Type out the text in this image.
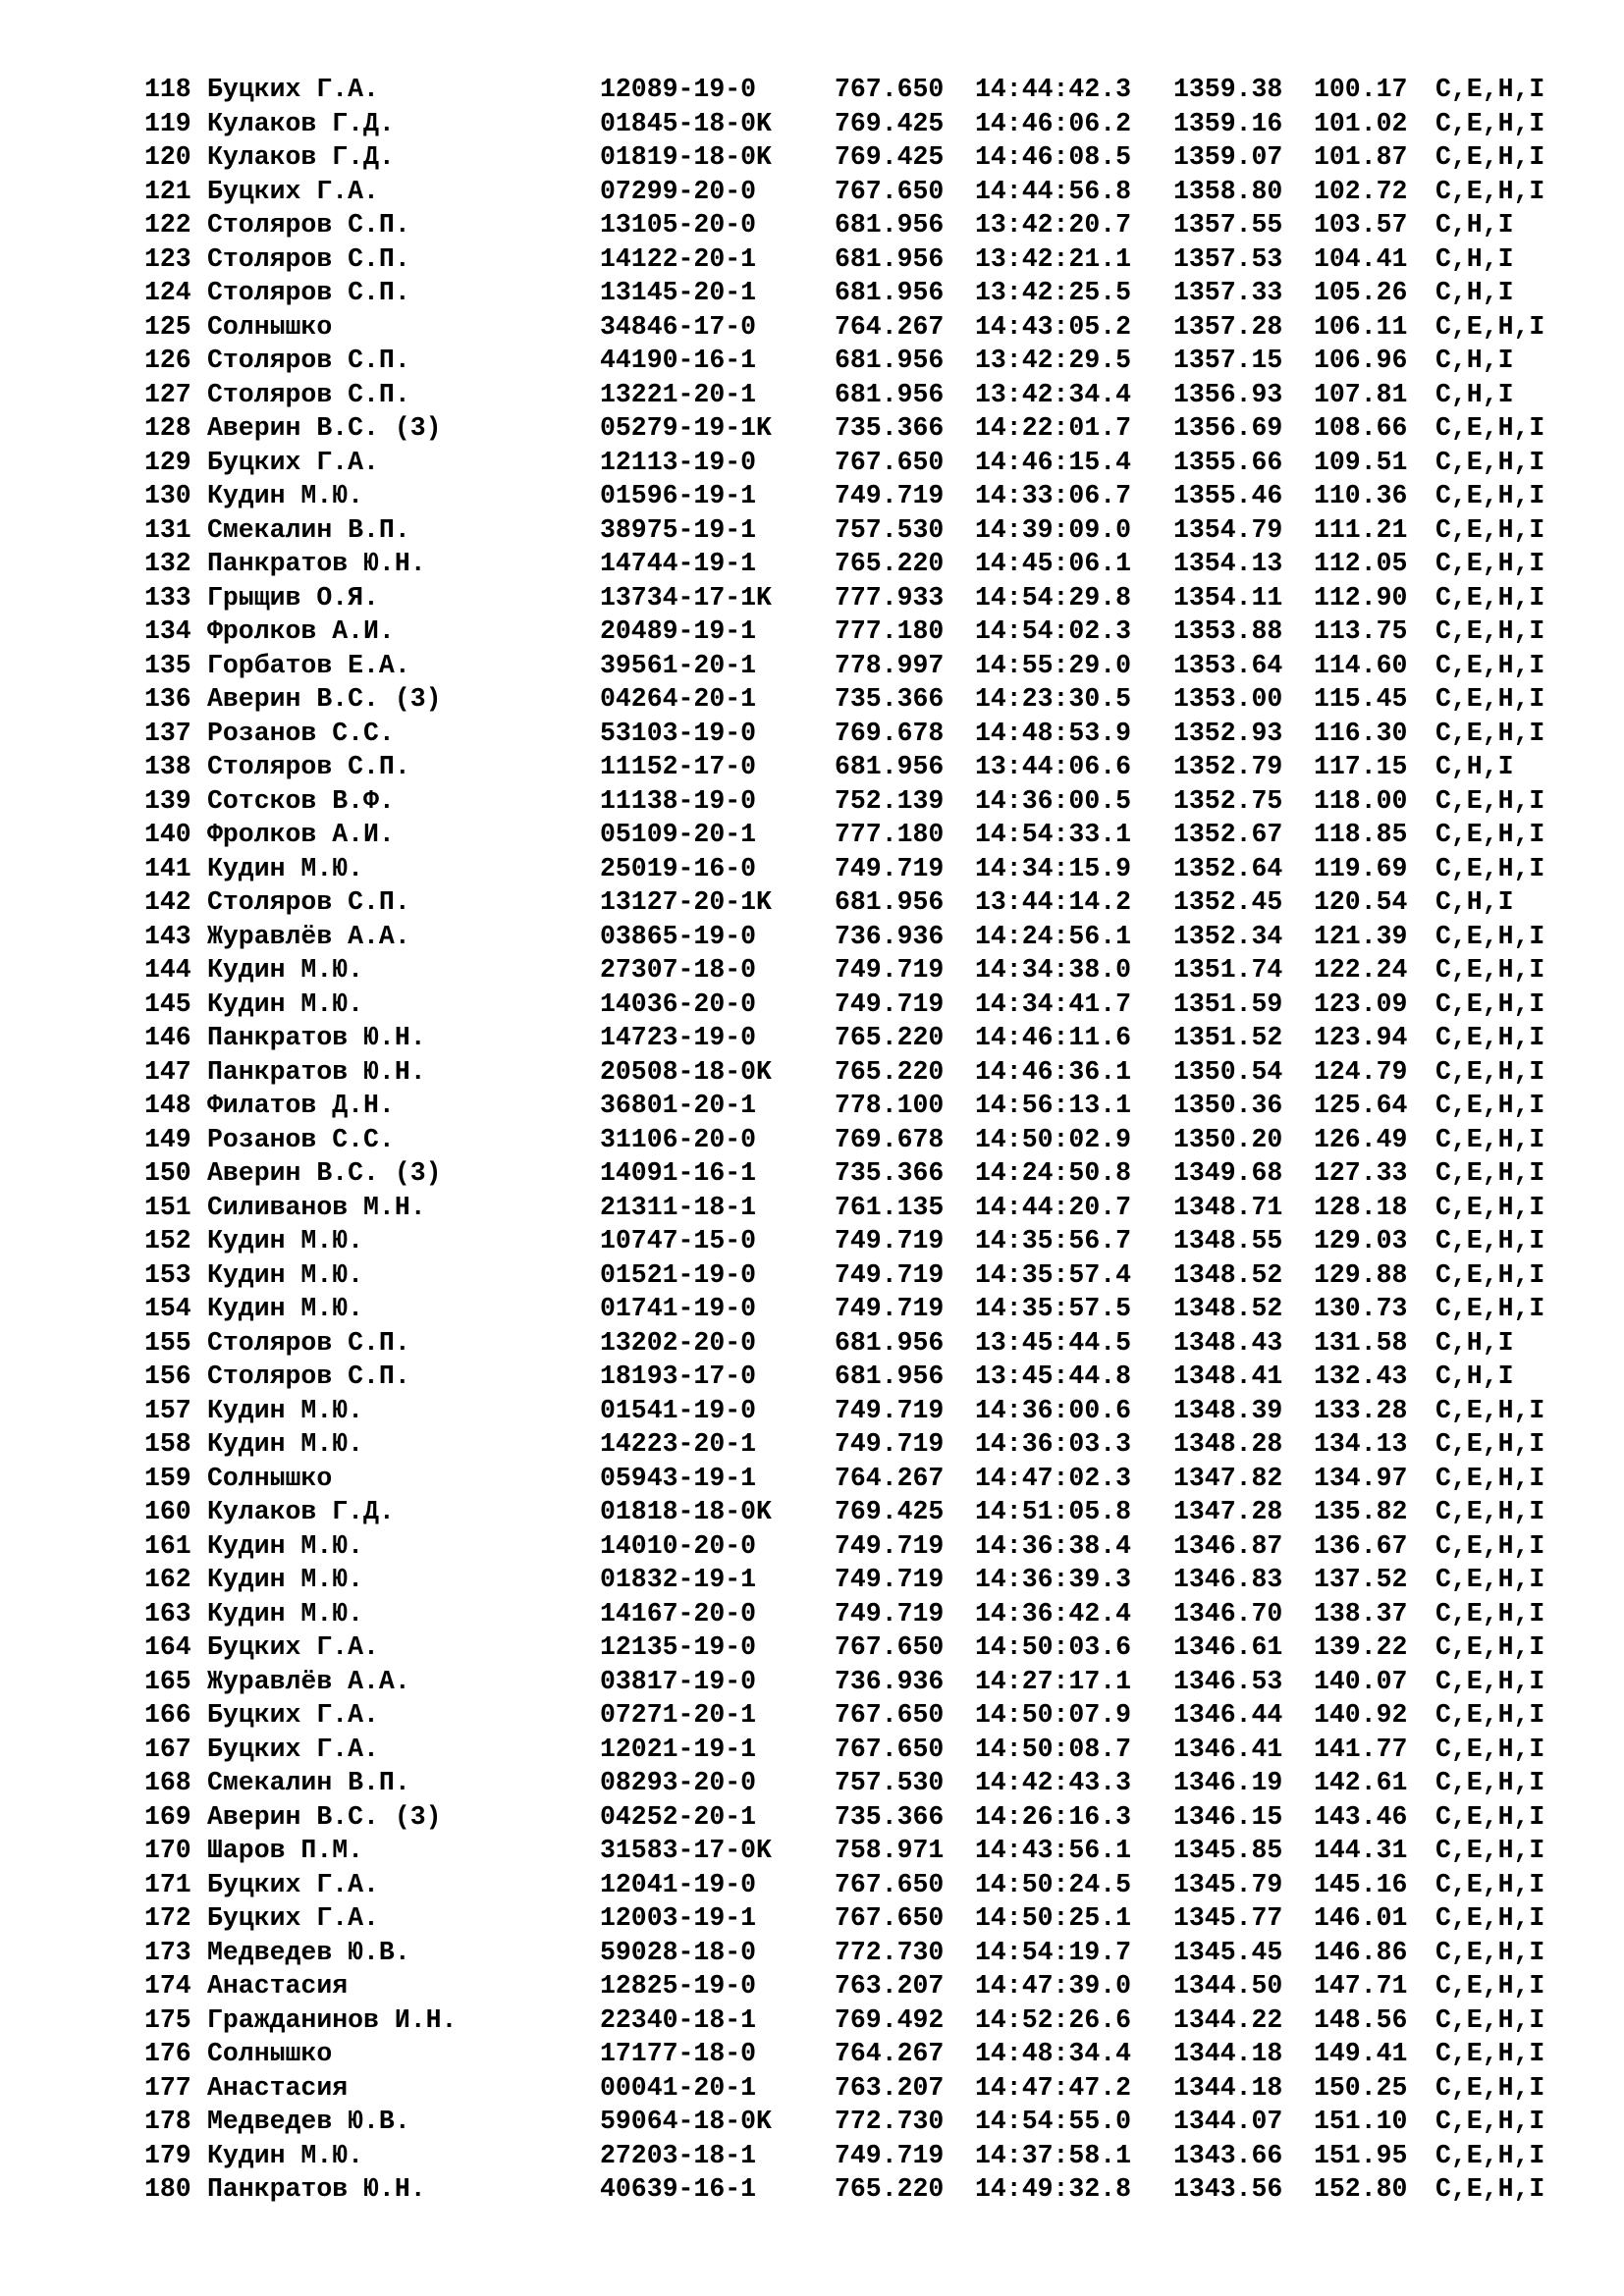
118 Буцких Г.А.	12089-19-0	767.650	14:44:42.3	1359.38	100.17	C,E,H,I
119 Кулаков Г.Д.	01845-18-0K	769.425	14:46:06.2	1359.16	101.02	C,E,H,I
120 Кулаков Г.Д.	01819-18-0K	769.425	14:46:08.5	1359.07	101.87	C,E,H,I
121 Буцких Г.А.	07299-20-0	767.650	14:44:56.8	1358.80	102.72	C,E,H,I
122 Столяров С.П.	13105-20-0	681.956	13:42:20.7	1357.55	103.57	C,H,I
123 Столяров С.П.	14122-20-1	681.956	13:42:21.1	1357.53	104.41	C,H,I
124 Столяров С.П.	13145-20-1	681.956	13:42:25.5	1357.33	105.26	C,H,I
125 Солнышко	34846-17-0	764.267	14:43:05.2	1357.28	106.11	C,E,H,I
126 Столяров С.П.	44190-16-1	681.956	13:42:29.5	1357.15	106.96	C,H,I
127 Столяров С.П.	13221-20-1	681.956	13:42:34.4	1356.93	107.81	C,H,I
128 Аверин В.С. (3)	05279-19-1K	735.366	14:22:01.7	1356.69	108.66	C,E,H,I
129 Буцких Г.А.	12113-19-0	767.650	14:46:15.4	1355.66	109.51	C,E,H,I
130 Кудин М.Ю.	01596-19-1	749.719	14:33:06.7	1355.46	110.36	C,E,H,I
131 Смекалин В.П.	38975-19-1	757.530	14:39:09.0	1354.79	111.21	C,E,H,I
132 Панкратов Ю.Н.	14744-19-1	765.220	14:45:06.1	1354.13	112.05	C,E,H,I
133 Грыщив О.Я.	13734-17-1K	777.933	14:54:29.8	1354.11	112.90	C,E,H,I
134 Фролков А.И.	20489-19-1	777.180	14:54:02.3	1353.88	113.75	C,E,H,I
135 Горбатов Е.А.	39561-20-1	778.997	14:55:29.0	1353.64	114.60	C,E,H,I
136 Аверин В.С. (3)	04264-20-1	735.366	14:23:30.5	1353.00	115.45	C,E,H,I
137 Розанов С.С.	53103-19-0	769.678	14:48:53.9	1352.93	116.30	C,E,H,I
138 Столяров С.П.	11152-17-0	681.956	13:44:06.6	1352.79	117.15	C,H,I
139 Сотсков В.Ф.	11138-19-0	752.139	14:36:00.5	1352.75	118.00	C,E,H,I
140 Фролков А.И.	05109-20-1	777.180	14:54:33.1	1352.67	118.85	C,E,H,I
141 Кудин М.Ю.	25019-16-0	749.719	14:34:15.9	1352.64	119.69	C,E,H,I
142 Столяров С.П.	13127-20-1K	681.956	13:44:14.2	1352.45	120.54	C,H,I
143 Журавлёв А.А.	03865-19-0	736.936	14:24:56.1	1352.34	121.39	C,E,H,I
144 Кудин М.Ю.	27307-18-0	749.719	14:34:38.0	1351.74	122.24	C,E,H,I
145 Кудин М.Ю.	14036-20-0	749.719	14:34:41.7	1351.59	123.09	C,E,H,I
146 Панкратов Ю.Н.	14723-19-0	765.220	14:46:11.6	1351.52	123.94	C,E,H,I
147 Панкратов Ю.Н.	20508-18-0K	765.220	14:46:36.1	1350.54	124.79	C,E,H,I
148 Филатов Д.Н.	36801-20-1	778.100	14:56:13.1	1350.36	125.64	C,E,H,I
149 Розанов С.С.	31106-20-0	769.678	14:50:02.9	1350.20	126.49	C,E,H,I
150 Аверин В.С. (3)	14091-16-1	735.366	14:24:50.8	1349.68	127.33	C,E,H,I
151 Силиванов М.Н.	21311-18-1	761.135	14:44:20.7	1348.71	128.18	C,E,H,I
152 Кудин М.Ю.	10747-15-0	749.719	14:35:56.7	1348.55	129.03	C,E,H,I
153 Кудин М.Ю.	01521-19-0	749.719	14:35:57.4	1348.52	129.88	C,E,H,I
154 Кудин М.Ю.	01741-19-0	749.719	14:35:57.5	1348.52	130.73	C,E,H,I
155 Столяров С.П.	13202-20-0	681.956	13:45:44.5	1348.43	131.58	C,H,I
156 Столяров С.П.	18193-17-0	681.956	13:45:44.8	1348.41	132.43	C,H,I
157 Кудин М.Ю.	01541-19-0	749.719	14:36:00.6	1348.39	133.28	C,E,H,I
158 Кудин М.Ю.	14223-20-1	749.719	14:36:03.3	1348.28	134.13	C,E,H,I
159 Солнышко	05943-19-1	764.267	14:47:02.3	1347.82	134.97	C,E,H,I
160 Кулаков Г.Д.	01818-18-0K	769.425	14:51:05.8	1347.28	135.82	C,E,H,I
161 Кудин М.Ю.	14010-20-0	749.719	14:36:38.4	1346.87	136.67	C,E,H,I
162 Кудин М.Ю.	01832-19-1	749.719	14:36:39.3	1346.83	137.52	C,E,H,I
163 Кудин М.Ю.	14167-20-0	749.719	14:36:42.4	1346.70	138.37	C,E,H,I
164 Буцких Г.А.	12135-19-0	767.650	14:50:03.6	1346.61	139.22	C,E,H,I
165 Журавлёв А.А.	03817-19-0	736.936	14:27:17.1	1346.53	140.07	C,E,H,I
166 Буцких Г.А.	07271-20-1	767.650	14:50:07.9	1346.44	140.92	C,E,H,I
167 Буцких Г.А.	12021-19-1	767.650	14:50:08.7	1346.41	141.77	C,E,H,I
168 Смекалин В.П.	08293-20-0	757.530	14:42:43.3	1346.19	142.61	C,E,H,I
169 Аверин В.С. (3)	04252-20-1	735.366	14:26:16.3	1346.15	143.46	C,E,H,I
170 Шаров П.М.	31583-17-0K	758.971	14:43:56.1	1345.85	144.31	C,E,H,I
171 Буцких Г.А.	12041-19-0	767.650	14:50:24.5	1345.79	145.16	C,E,H,I
172 Буцких Г.А.	12003-19-1	767.650	14:50:25.1	1345.77	146.01	C,E,H,I
173 Медведев Ю.В.	59028-18-0	772.730	14:54:19.7	1345.45	146.86	C,E,H,I
174 Анастасия	12825-19-0	763.207	14:47:39.0	1344.50	147.71	C,E,H,I
175 Гражданинов И.Н.	22340-18-1	769.492	14:52:26.6	1344.22	148.56	C,E,H,I
176 Солнышко	17177-18-0	764.267	14:48:34.4	1344.18	149.41	C,E,H,I
177 Анастасия	00041-20-1	763.207	14:47:47.2	1344.18	150.25	C,E,H,I
178 Медведев Ю.В.	59064-18-0K	772.730	14:54:55.0	1344.07	151.10	C,E,H,I
179 Кудин М.Ю.	27203-18-1	749.719	14:37:58.1	1343.66	151.95	C,E,H,I
180 Панкратов Ю.Н.	40639-16-1	765.220	14:49:32.8	1343.56	152.80	C,E,H,I
